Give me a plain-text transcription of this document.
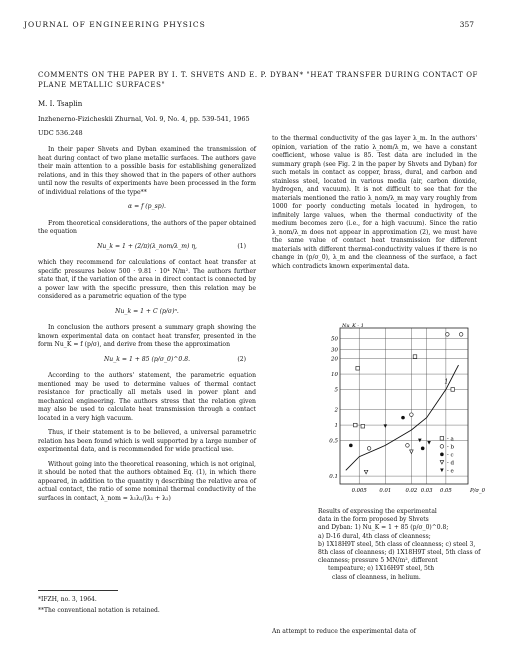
JOURNAL OF ENGINEERING PHYSICS	357
COMMENTS ON THE PAPER BY I. T. SHVETS AND E. P. DYBAN* "HEAT TRANSFER DURING CONTACT OF PLANE METALLIC SURFACES"
M. I. Tsaplin
Inzhenerno-Fizicheskii Zhurnal, Vol. 9, No. 4, pp. 539-541, 1965
UDC 536.248

In their paper Shvets and Dyban examined the transmission of heat during contact of two plane metallic surfaces. The authors gave their main attention to a possible basis for establishing generalized relations, and in this they showed that in the papers of other authors until now the results of experiments have been processed in the form of individual relations of the type**

α = f (p_sp).

From theoretical considerations, the authors of the paper obtained the equation

Nu_k = 1 + (2/π)(λ_nom/λ_m) η,	(1)

which they recommend for calculations of contact heat transfer at specific pressures below 500 · 9.81 · 10⁴ N/m². The authors further state that, if the variation of the area in direct contact is connected by a power law with the specific pressure, then this relation may be considered as a parametric equation of the type

Nu_k = 1 + C (p/σ)ⁿ.

In conclusion the authors present a summary graph showing the known experimental data on contact heat transfer, presented in the form Nu_K = f (p/σ), and derive from these the approximation

Nu_k = 1 + 85 (p/σ_0)^0.8.	(2)

According to the authors' statement, the parametric equation mentioned may be used to determine values of thermal contact resistance for practically all metals used in power plant and mechanical engineering. The authors stress that the relation given may also be used to calculate heat transmission through a contact located in a very high vacuum.

Thus, if their statement is to be believed, a universal parametric relation has been found which is well supported by a large number of experimental data, and is recommended for wide practical use.

Without going into the theoretical reasoning, which is not original, it should be noted that the authors obtained Eq. (1), in which there appeared, in addition to the quantity η describing the relative area of actual contact, the ratio of some nominal thermal conductivity of the surfaces in contact, λ_nom = λ₁λ₂/(λ₁ + λ₂)

to the thermal conductivity of the gas layer λ_m. In the authors' opinion, variation of the ratio λ_nom/λ_m, we have a constant coefficient, whose value is 85. Test data are included in the summary graph (see Fig. 2 in the paper by Shvets and Dyban) for such metals in contact as copper, brass, dural, and carbon and stainless steel, located in various media (air, carbon dioxide, hydrogen, and vacuum). It is not difficult to see that for the materials mentioned the ratio λ_nom/λ_m may vary roughly from 1000 for poorly conducting metals located in hydrogen, to infinitely large values, when the thermal conductivity of the medium becomes zero (i.e., for a high vacuum). Since the ratio λ_nom/λ_m does not appear in approximation (2), we must have the same value of contact heat transmission for different materials with different thermal-conductivity values if there is no change in (p/σ_0), λ_m and the cleanness of the surface, a fact which contradicts known experimental data.

50
30
20
10
5
2
1
0.5
0.1
0.005 0.01	0.02 0.03 0.05
Nu_K - 1
P/σ_0
1
- a
- b
- c
- d
- e
Results of expressing the experimental
data in the form proposed by Shvets
and Dyban: 1) Nu_K = 1 + 85 (p/σ_0)^0.8;
a) D-16 dural, 4th class of cleanness;
b) 1X18H9T steel, 5th class of cleanness; c) steel 3, 8th class of cleanness; d) 1X18H9T steel, 5th class of
cleanness; pressure 5 MN/m², different
tempeature; e) 1X16H9T steel, 5th
class of cleanness, in helium.
*IFZH, no. 3, 1964.
**The conventional notation is retained.
An attempt to reduce the experimental data of
